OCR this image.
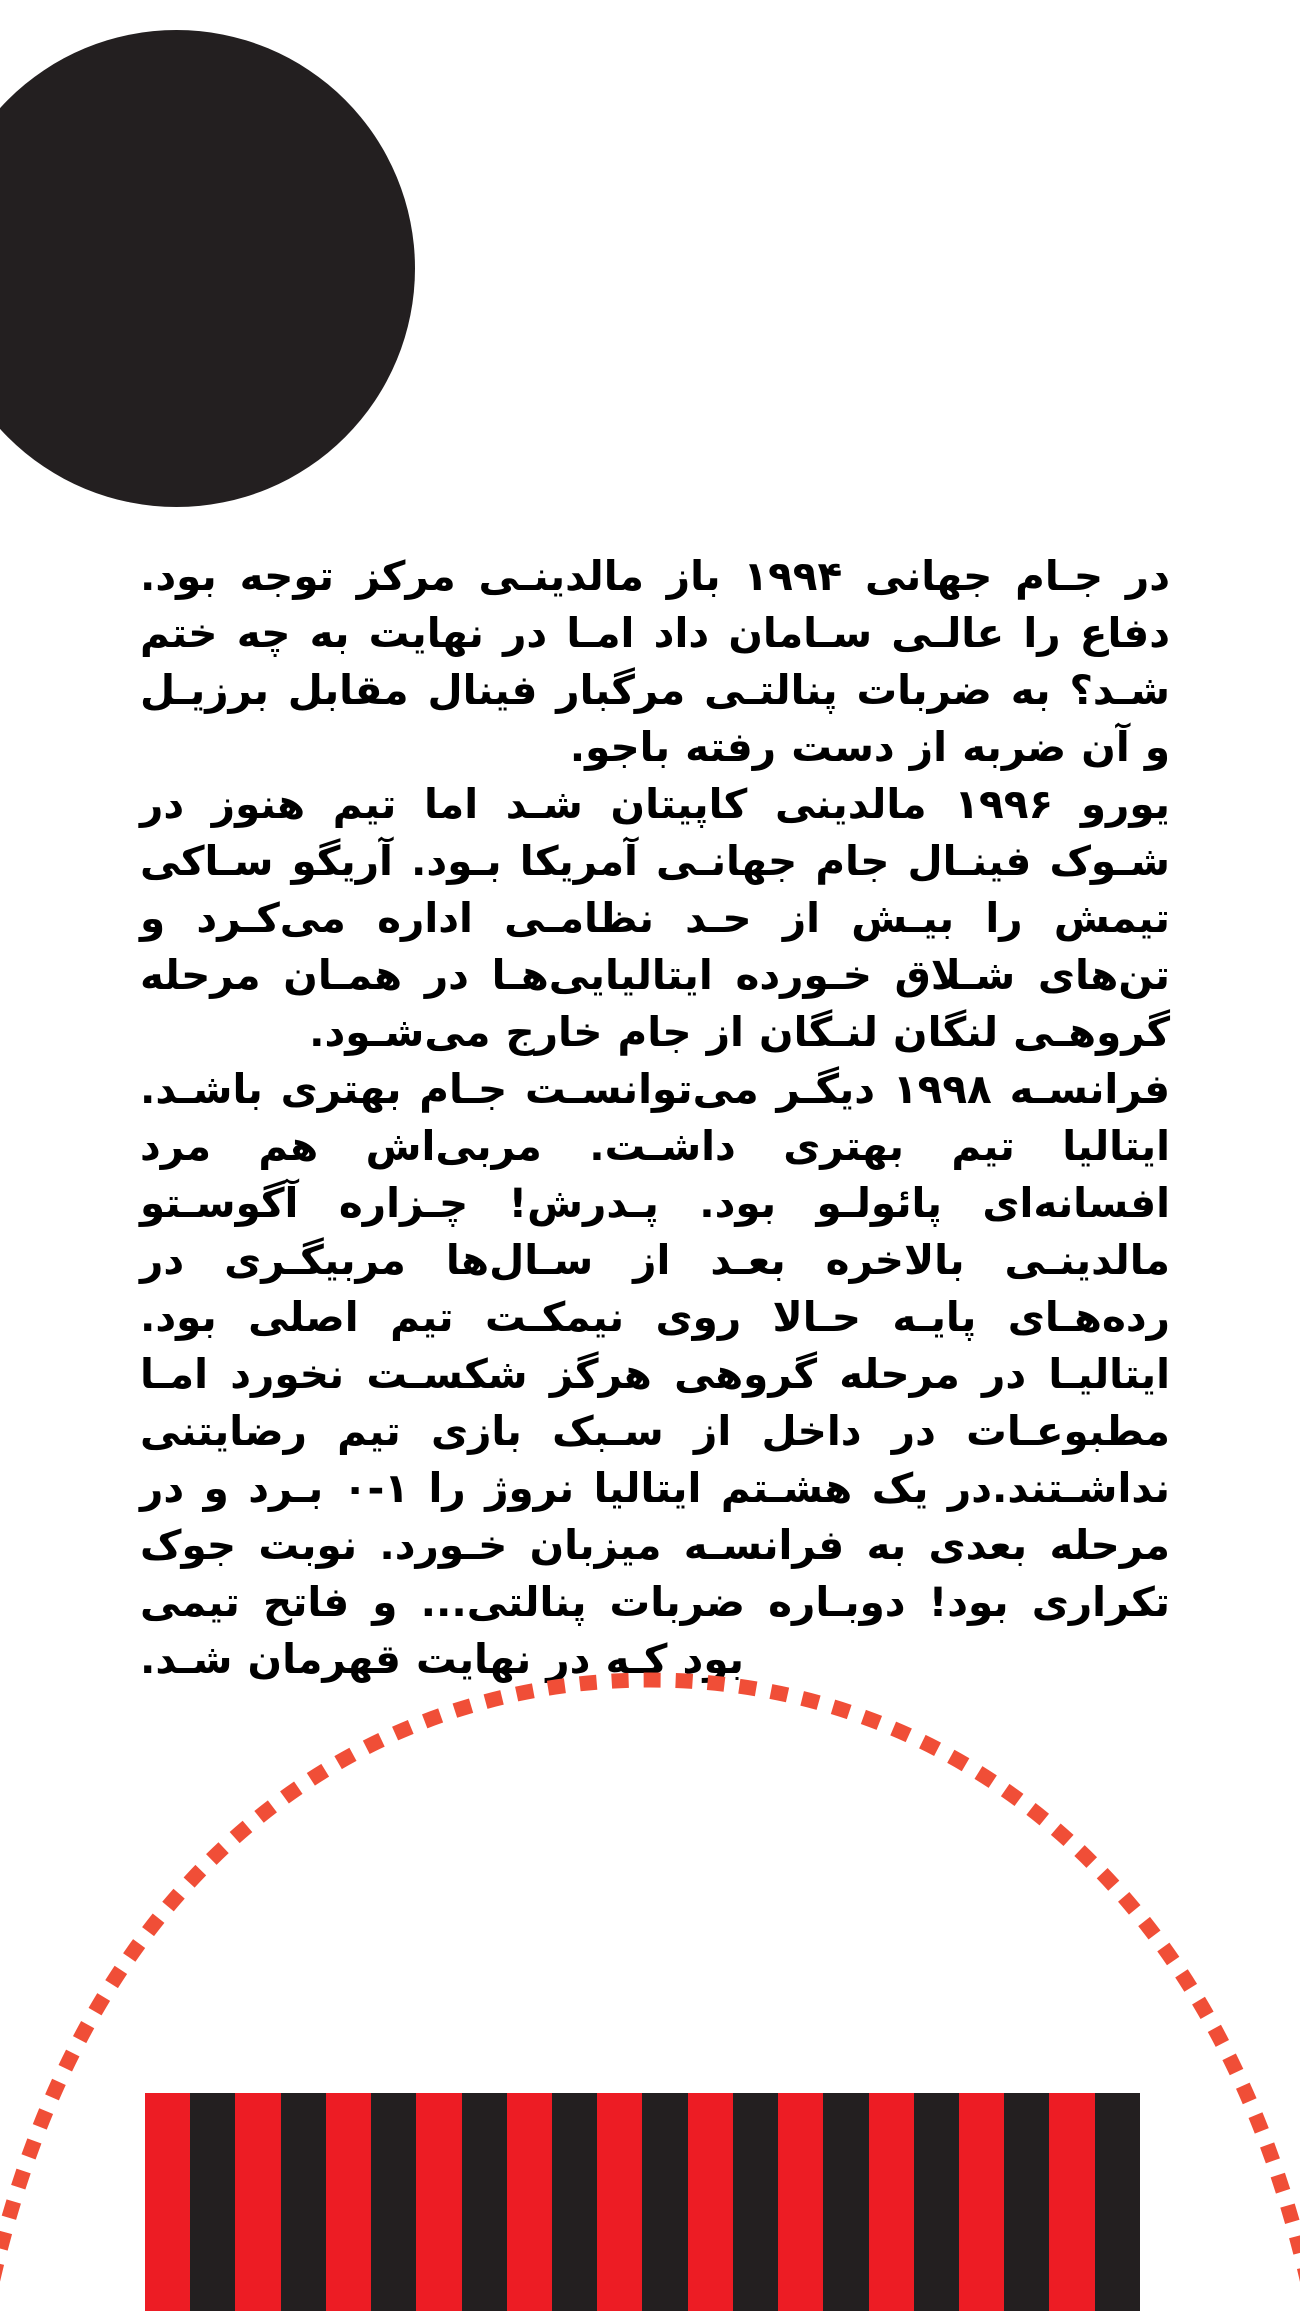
در جـام جهانی ۱۹۹۴ باز مالدینـی مرکز توجه بود. دفاع را عالـی سـامان داد امـا در نهایت به چه ختم شـد؟ به ضربات پنالتـی مرگبار فینال مقابل برزیـل و آن ضربه از دست رفته باجو.

یورو ۱۹۹۶ مالدینی کاپیتان شـد اما تیم هنوز در شـوک فینـال جام جهانـی آمریکا بـود. آریگو سـاکی تیمش را بیـش از حـد نظامـی اداره می‌کـرد و تن‌های شـلاق خـورده ایتالیایی‌هـا در همـان مرحله گروهـی لنگان لنـگان از جام خارج می‌شـود.

فرانسـه ۱۹۹۸ دیگـر می‌توانسـت جـام بهتری باشـد. ایتالیا تیم بهتری داشـت. مربی‌اش هم مرد افسانه‌ای پائولـو بود. پـدرش! چـزاره آگوسـتو مالدینـی بالاخره بعـد از سـال‌ها مربیگـری در رده‌هـای پایـه حـالا روی نیمکـت تیم اصلی بود. ایتالیـا در مرحله گروهی هرگز شکسـت نخورد امـا مطبوعـات در داخل از سـبک بازی تیم رضایتنی نداشـتند.در یک هشـتم ایتالیا نروژ را ۱-۰ بـرد و در مرحله بعدی به فرانسـه میزبان خـورد. نوبت جوک تکراری بود! دوبـاره ضربات پنالتی... و فاتح تیمی بود کـه در نهایت قهرمان شـد.
